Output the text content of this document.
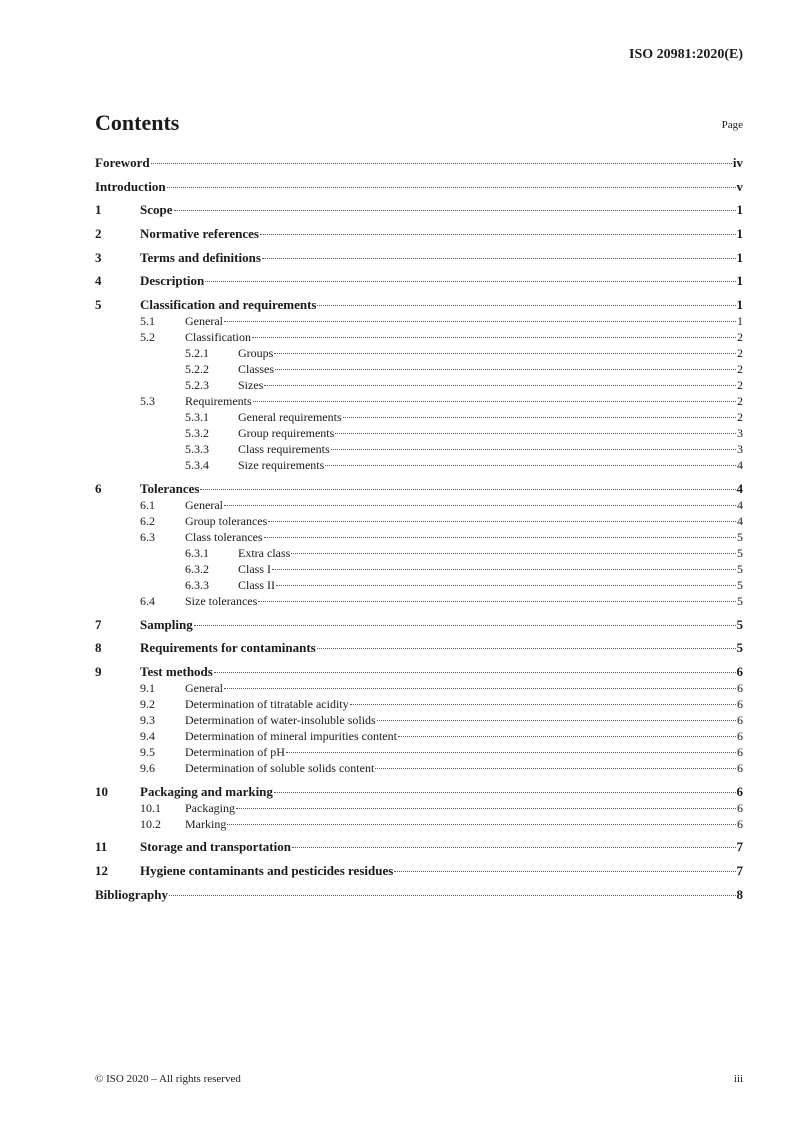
ISO 20981:2020(E)
Contents	Page
Foreword	iv
Introduction	v
1	Scope	1
2	Normative references	1
3	Terms and definitions	1
4	Description	1
5	Classification and requirements	1
5.1	General	1
5.2	Classification	2
5.2.1	Groups	2
5.2.2	Classes	2
5.2.3	Sizes	2
5.3	Requirements	2
5.3.1	General requirements	2
5.3.2	Group requirements	3
5.3.3	Class requirements	3
5.3.4	Size requirements	4
6	Tolerances	4
6.1	General	4
6.2	Group tolerances	4
6.3	Class tolerances	5
6.3.1	Extra class	5
6.3.2	Class I	5
6.3.3	Class II	5
6.4	Size tolerances	5
7	Sampling	5
8	Requirements for contaminants	5
9	Test methods	6
9.1	General	6
9.2	Determination of titratable acidity	6
9.3	Determination of water-insoluble solids	6
9.4	Determination of mineral impurities content	6
9.5	Determination of pH	6
9.6	Determination of soluble solids content	6
10	Packaging and marking	6
10.1	Packaging	6
10.2	Marking	6
11	Storage and transportation	7
12	Hygiene contaminants and pesticides residues	7
Bibliography	8
© ISO 2020 – All rights reserved	iii
